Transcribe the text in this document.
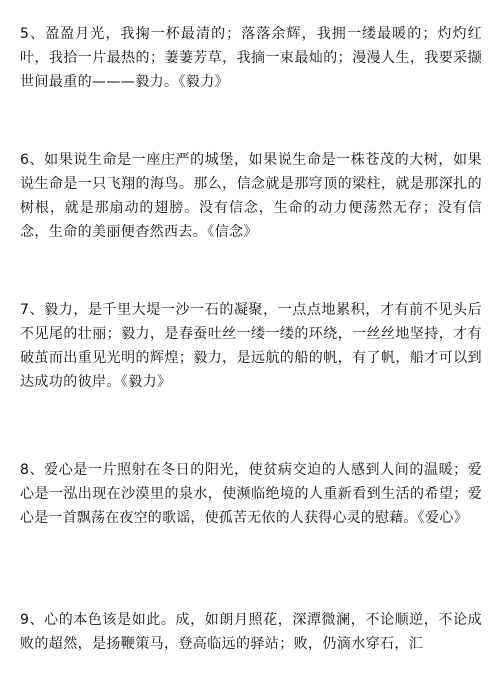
5、盈盈月光，我掬一杯最清的；落落余辉，我拥一缕最暖的；灼灼红叶，我拾一片最热的；萋萋芳草，我摘一束最灿的；漫漫人生，我要采撷世间最重的———毅力。《毅力》

6、如果说生命是一座庄严的城堡，如果说生命是一株苍茂的大树，如果说生命是一只飞翔的海鸟。那么，信念就是那穹顶的梁柱，就是那深扎的树根，就是那扇动的翅膀。没有信念，生命的动力便荡然无存；没有信念，生命的美丽便杳然西去。《信念》

7、毅力，是千里大堤一沙一石的凝聚，一点点地累积，才有前不见头后不见尾的壮丽；毅力，是春蚕吐丝一缕一缕的环绕，一丝丝地坚持，才有破茧而出重见光明的辉煌；毅力，是远航的船的帆，有了帆，船才可以到达成功的彼岸。《毅力》

8、爱心是一片照射在冬日的阳光，使贫病交迫的人感到人间的温暖；爱心是一泓出现在沙漠里的泉水，使濒临绝境的人重新看到生活的希望；爱心是一首飘荡在夜空的歌谣，使孤苦无依的人获得心灵的慰藉。《爱心》

9、心的本色该是如此。成，如朗月照花，深潭微澜，不论顺逆，不论成败的超然，是扬鞭策马，登高临远的驿站；败，仍滴水穿石，汇
